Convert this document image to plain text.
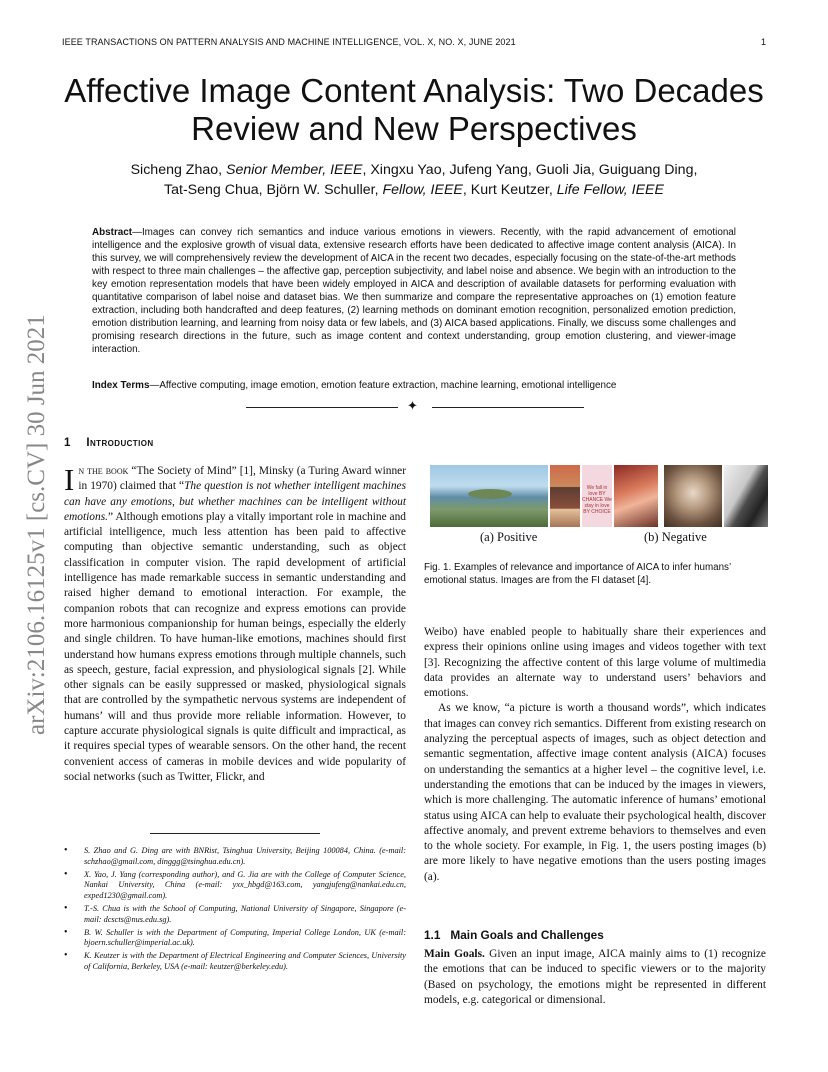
IEEE TRANSACTIONS ON PATTERN ANALYSIS AND MACHINE INTELLIGENCE, VOL. X, NO. X, JUNE 2021	1
arXiv:2106.16125v1 [cs.CV] 30 Jun 2021
Affective Image Content Analysis: Two Decades
Review and New Perspectives
Sicheng Zhao, Senior Member, IEEE, Xingxu Yao, Jufeng Yang, Guoli Jia, Guiguang Ding,
Tat-Seng Chua, Björn W. Schuller, Fellow, IEEE, Kurt Keutzer, Life Fellow, IEEE
Abstract—Images can convey rich semantics and induce various emotions in viewers. Recently, with the rapid advancement of emotional intelligence and the explosive growth of visual data, extensive research efforts have been dedicated to affective image content analysis (AICA). In this survey, we will comprehensively review the development of AICA in the recent two decades, especially focusing on the state-of-the-art methods with respect to three main challenges – the affective gap, perception subjectivity, and label noise and absence. We begin with an introduction to the key emotion representation models that have been widely employed in AICA and description of available datasets for performing evaluation with quantitative comparison of label noise and dataset bias. We then summarize and compare the representative approaches on (1) emotion feature extraction, including both handcrafted and deep features, (2) learning methods on dominant emotion recognition, personalized emotion prediction, emotion distribution learning, and learning from noisy data or few labels, and (3) AICA based applications. Finally, we discuss some challenges and promising research directions in the future, such as image content and context understanding, group emotion clustering, and viewer-image interaction.
Index Terms—Affective computing, image emotion, emotion feature extraction, machine learning, emotional intelligence
✦
1 Introduction
In the book “The Society of Mind” [1], Minsky (a Turing Award winner in 1970) claimed that “The question is not whether intelligent machines can have any emotions, but whether machines can be intelligent without emotions.” Although emotions play a vitally important role in machine and artificial intelligence, much less attention has been paid to affective computing than objective semantic understanding, such as object classification in computer vision. The rapid development of artificial intelligence has made remarkable success in semantic understanding and raised higher demand to emotional interaction. For example, the companion robots that can recognize and express emotions can provide more harmonious companionship for human beings, especially the elderly and single children. To have human-like emotions, machines should first understand how humans express emotions through multiple channels, such as speech, gesture, facial expression, and physiological signals [2]. While other signals can be easily suppressed or masked, physiological signals that are controlled by the sympathetic nervous systems are independent of humans’ will and thus provide more reliable information. However, to capture accurate physiological signals is quite difficult and impractical, as it requires special types of wearable sensors. On the other hand, the recent convenient access of cameras in mobile devices and wide popularity of social networks (such as Twitter, Flickr, and
• S. Zhao and G. Ding are with BNRist, Tsinghua University, Beijing 100084, China. (e-mail: schzhao@gmail.com, dinggg@tsinghua.edu.cn).
• X. Yao, J. Yang (corresponding author), and G. Jia are with the College of Computer Science, Nankai University, China (e-mail: yxx_hbgd@163.com, yangjufeng@nankai.edu.cn, exped1230@gmail.com).
• T.-S. Chua is with the School of Computing, National University of Singapore, Singapore (e-mail: dcscts@nus.edu.sg).
• B. W. Schuller is with the Department of Computing, Imperial College London, UK (e-mail: bjoern.schuller@imperial.ac.uk).
• K. Keutzer is with the Department of Electrical Engineering and Computer Sciences, University of California, Berkeley, USA (e-mail: keutzer@berkeley.edu).
We fall in love BY CHANCE We stay in love BY CHOICE
(a) Positive	(b) Negative
Fig. 1. Examples of relevance and importance of AICA to infer humans’ emotional status. Images are from the FI dataset [4].

Weibo) have enabled people to habitually share their experiences and express their opinions online using images and videos together with text [3]. Recognizing the affective content of this large volume of multimedia data provides an alternate way to understand users’ behaviors and emotions.

As we know, “a picture is worth a thousand words”, which indicates that images can convey rich semantics. Different from existing research on analyzing the perceptual aspects of images, such as object detection and semantic segmentation, affective image content analysis (AICA) focuses on understanding the semantics at a higher level – the cognitive level, i.e. understanding the emotions that can be induced by the images in viewers, which is more challenging. The automatic inference of humans’ emotional status using AICA can help to evaluate their psychological health, discover affective anomaly, and prevent extreme behaviors to themselves and even to the whole society. For example, in Fig. 1, the users posting images (b) are more likely to have negative emotions than the users posting images (a).

1.1 Main Goals and Challenges
Main Goals. Given an input image, AICA mainly aims to (1) recognize the emotions that can be induced to specific viewers or to the majority (Based on psychology, the emotions might be represented in different models, e.g. categorical or dimensional.
